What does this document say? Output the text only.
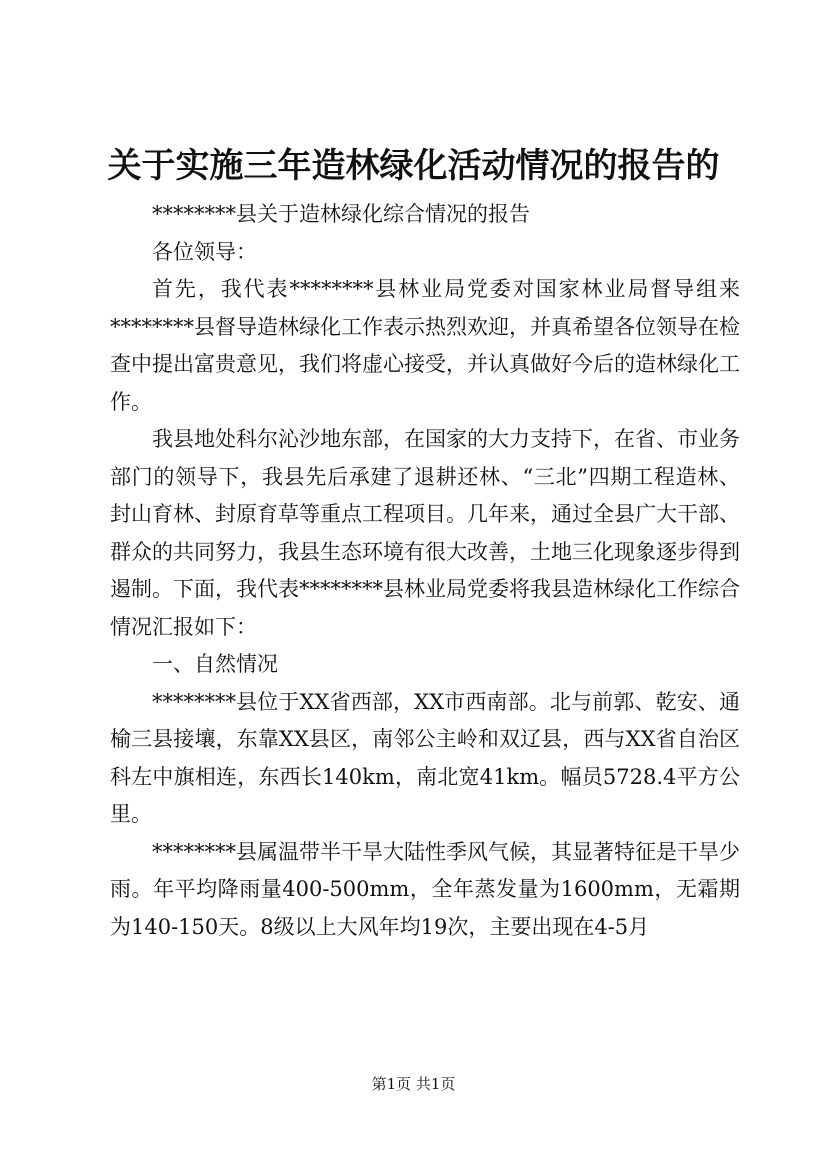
关于实施三年造林绿化活动情况的报告的

********县关于造林绿化综合情况的报告

各位领导：

首先，我代表********县林业局党委对国家林业局督导组来********县督导造林绿化工作表示热烈欢迎，并真希望各位领导在检查中提出富贵意见，我们将虚心接受，并认真做好今后的造林绿化工作。

我县地处科尔沁沙地东部，在国家的大力支持下，在省、市业务部门的领导下，我县先后承建了退耕还林、“三北”四期工程造林、封山育林、封原育草等重点工程项目。几年来，通过全县广大干部、群众的共同努力，我县生态环境有很大改善，土地三化现象逐步得到遏制。下面，我代表********县林业局党委将我县造林绿化工作综合情况汇报如下：

一、自然情况

********县位于XX省西部，XX市西南部。北与前郭、乾安、通榆三县接壤，东靠XX县区，南邻公主岭和双辽县，西与XX省自治区科左中旗相连，东西长140km，南北宽41km。幅员5728.4平方公里。

********县属温带半干旱大陆性季风气候，其显著特征是干旱少雨。年平均降雨量400-500mm，全年蒸发量为1600mm，无霜期为140-150天。8级以上大风年均19次，主要出现在4-5月

第1页 共1页
